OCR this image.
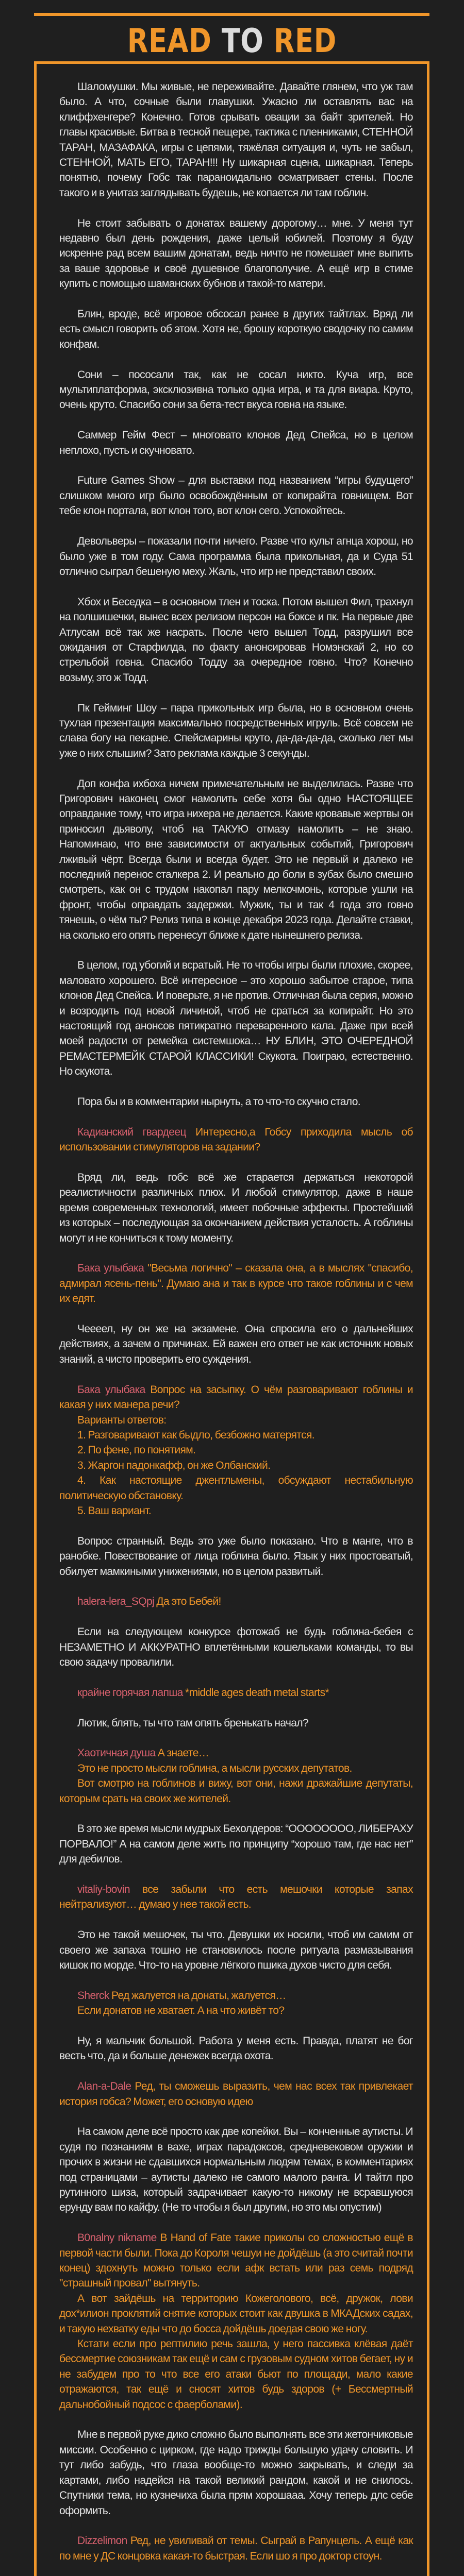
READ TO RED

Шаломушки. Мы живые, не переживайте. Давайте глянем, что уж там было. А что, сочные были главушки. Ужасно ли оставлять вас на клиффхенгере? Конечно. Готов срывать овации за байт зрителей. Но главы красивые. Битва в тесной пещере, тактика с пленниками, СТЕННОЙ ТАРАН, МАЗАФАКА, игры с цепями, тяжёлая ситуация и, чуть не забыл, СТЕННОЙ, МАТЬ ЕГО, ТАРАН!!! Ну шикарная сцена, шикарная. Теперь понятно, почему Гобс так параноидально осматривает стены. После такого и в унитаз заглядывать будешь, не копается ли там гоблин.

Не стоит забывать о донатах вашему дорогому… мне. У меня тут недавно был день рождения, даже целый юбилей. Поэтому я буду искренне рад всем вашим донатам, ведь ничто не помешает мне выпить за ваше здоровье и своё душевное благополучие. А ещё игр в стиме купить с помощью шаманских бубнов и такой-то матери.

Блин, вроде, всё игровое обсосал ранее в других тайтлах. Вряд ли есть смысл говорить об этом. Хотя не, брошу короткую сводочку по самим конфам.

Сони – пососали так, как не сосал никто. Куча игр, все мультиплатформа, эксклюзивна только одна игра, и та для виара. Круто, очень круто. Спасибо сони за бета-тест вкуса говна на языке.

Саммер Гейм Фест – многовато клонов Дед Спейса, но в целом неплохо, пусть и скучновато.

Future Games Show – для выставки под названием “игры будущего” слишком много игр было освобождённым от копирайта говнищем. Вот тебе клон портала, вот клон того, вот клон сего. Успокойтесь.

Девольверы – показали почти ничего. Разве что культ агнца хорош, но было уже в том году. Сама программа была прикольная, да и Суда 51 отлично сыграл бешеную меху. Жаль, что игр не представил своих.

Хбох и Беседка – в основном тлен и тоска. Потом вышел Фил, трахнул на полшишечки, вынес всех релизом персон на боксе и пк. На первые две Атлусам всё так же насрать. После чего вышел Тодд, разрушил все ожидания от Старфилда, по факту анонсировав Номэнскай 2, но со стрельбой говна. Спасибо Тодду за очередное говно. Что? Конечно возьму, это ж Тодд.

Пк Гейминг Шоу – пара прикольных игр была, но в основном очень тухлая презентация максимально посредственных игруль. Всё совсем не слава богу на пекарне. Спейсмарины круто, да-да-да-да, сколько лет мы уже о них слышим? Зато реклама каждые 3 секунды.

Доп конфа ихбоха ничем примечательным не выделилась. Разве что Григорович наконец смог намолить себе хотя бы одно НАСТОЯЩЕЕ оправдание тому, что игра нихера не делается. Какие кровавые жертвы он приносил дьяволу, чтоб на ТАКУЮ отмазу намолить – не знаю. Напоминаю, что вне зависимости от актуальных событий, Григорович лживый чёрт. Всегда были и всегда будет. Это не первый и далеко не последний перенос сталкера 2. И реально до боли в зубах было смешно смотреть, как он с трудом накопал пару мелкочмонь, которые ушли на фронт, чтобы оправдать задержки. Мужик, ты и так 4 года это говно тянешь, о чём ты? Релиз типа в конце декабря 2023 года. Делайте ставки, на сколько его опять перенесут ближе к дате нынешнего релиза.

В целом, год убогий и всратый. Не то чтобы игры были плохие, скорее, маловато хорошего. Всё интересное – это хорошо забытое старое, типа клонов Дед Спейса. И поверьте, я не против. Отличная была серия, можно и возродить под новой личиной, чтоб не сраться за копирайт. Но это настоящий год анонсов пятикратно переваренного кала. Даже при всей моей радости от ремейка системшока… НУ БЛИН, ЭТО ОЧЕРЕДНОЙ РЕМАСТЕРМЕЙК СТАРОЙ КЛАССИКИ! Скукота. Поиграю, естественно. Но скукота.

Пора бы и в комментарии нырнуть, а то что-то скучно стало.

Кадианский гвардеец Интересно,а Гобсу приходила мысль об использовании стимуляторов на задании?

Вряд ли, ведь гобс всё же старается держаться некоторой реалистичности различных плюх. И любой стимулятор, даже в наше время современных технологий, имеет побочные эффекты. Простейший из которых – последующая за окончанием действия усталость. А гоблины могут и не кончиться к тому моменту.

Бака улыбака "Весьма логично" – сказала она, а в мыслях "спасибо, адмирал ясень-пень". Думаю ана и так в курсе что такое гоблины и с чем их едят.

Чееeел, ну он же на экзамене. Она спросила его о дальнейших действиях, а зачем о причинах. Ей важен его ответ не как источник новых знаний, а чисто проверить его суждения.

Бака улыбака Вопрос на засыпку. О чём разговаривают гоблины и какая у них манера речи?

Варианты ответов:

1. Разговаривают как быдло, безбожно матерятся.

2. По фене, по понятиям.

3. Жаргон падонкафф, он же Олбанский.

4. Как настоящие джентльмены, обсуждают нестабильную политическую обстановку.

5. Ваш вариант.

Вопрос странный. Ведь это уже было показано. Что в манге, что в ранобке. Повествование от лица гоблина было. Язык у них простоватый, обилует мамкиными унижениями, но в целом развитый.

halera-lera_SQpj Да это Бебей!

Если на следующем конкурсе фотожаб не будь гоблина-бебея с НЕЗАМЕТНО И АККУРАТНО вплетёнными кошельками команды, то вы свою задачу провалили.

крайне горячая лапша *middle ages death metal starts*

Лютик, блять, ты что там опять бренькать начал?

Хаотичная душа А знаете…

Это не просто мысли гоблина, а мысли русских депутатов.

Вот смотрю на гоблинов и вижу, вот они, нажи дражайшие депутаты, которым срать на своих же жителей.

В это же время мысли мудрых Бехолдеров: “ОООООООО, ЛИБЕРАХУ ПОРВАЛО!” А на самом деле жить по принципу “хорошо там, где нас нет” для дебилов.

vitaliy-bovin все забыли что есть мешочки которые запах нейтрализуют… думаю у нее такой есть.

Это не такой мешочек, ты что. Девушки их носили, чтоб им самим от своего же запаха тошно не становилось после ритуала размазывания кишок по морде. Что-то на уровне лёгкого пшика духов чисто для себя.

Sherck Ред жалуется на донаты, жалуется…

Если донатов не хватает. А на что живёт то?

Ну, я мальчик большой. Работа у меня есть. Правда, платят не бог весть что, да и больше денежек всегда охота.

Alan-a-Dale Ред, ты сможешь выразить, чем нас всех так привлекает история гобса? Может, его основую идею

На самом деле всё просто как две копейки. Вы – конченные аутисты. И судя по познаниям в вахе, играх парадоксов, средневековом оружии и прочих в жизни не сдавшихся нормальным людям темах, в комментариях под страницами – аутисты далеко не самого малого ранга. И тайтл про рутинного шиза, который задрачивает какую-то никому не всравшуюся ерунду вам по кайфу. (Не то чтобы я был другим, но это мы опустим)

B0nalny nikname В Hand of Fate такие приколы со сложностью ещё в первой части были. Пока до Короля чешуи не дойдёшь (а это считай почти конец) здохнуть можно только если афк встать или раз семь подряд "страшный провал" вытянуть.

А вот зайдёшь на территорию Кожеголового, всё, дружок, лови дох*илион проклятий снятие которых стоит как двушка в МКАДских садах, и такую нехватку еды что до босса дойдёшь доедая свою же ногу.

Кстати если про рептилию речь зашла, у него пассивка клёвая даёт бессмертие союзникам так ещё и сам с грузовым судном хитов бегает, ну и не забудем про то что все его атаки бьют по площади, мало какие отражаются, так ещё и сносят хитов будь здоров (+ Бессмертный дальнобойный подсос с фаерболами).

Мне в первой руке дико сложно было выполнять все эти жетончиковые миссии. Особенно с цирком, где надо трижды большую удачу словить. И тут либо забудь, что глаза вообще-то можно закрывать, и следи за картами, либо надейся на такой великий рандом, какой и не снилось. Спутники тема, но кузнечиха была прям хорошааа. Хочу теперь длс себе оформить.

Dizzelimon Ред, не увиливай от темы. Сыграй в Рапунцель. А ещё как по мне у ДС концовка какая-то быстрая. Если шо я про доктор стоун.
